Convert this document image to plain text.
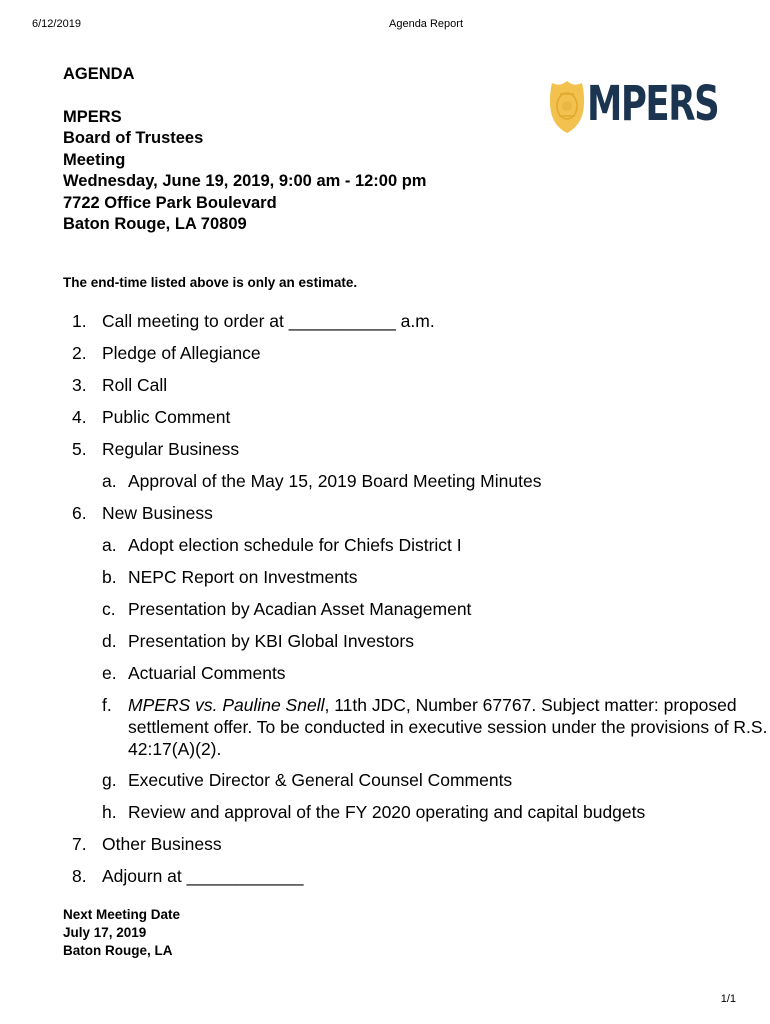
6/12/2019	Agenda Report
AGENDA
MPERS
Board of Trustees
Meeting
Wednesday, June 19, 2019, 9:00 am - 12:00 pm
7722 Office Park Boulevard
Baton Rouge, LA 70809
MPERS
The end-time listed above is only an estimate.
1. Call meeting to order at ___________ a.m.
2. Pledge of Allegiance
3. Roll Call
4. Public Comment
5. Regular Business
a. Approval of the May 15, 2019 Board Meeting Minutes
6. New Business
a. Adopt election schedule for Chiefs District I
b. NEPC Report on Investments
c. Presentation by Acadian Asset Management
d. Presentation by KBI Global Investors
e. Actuarial Comments
f. MPERS vs. Pauline Snell, 11th JDC, Number 67767. Subject matter: proposed settlement offer. To be conducted in executive session under the provisions of R.S. 42:17(A)(2).
g. Executive Director & General Counsel Comments
h. Review and approval of the FY 2020 operating and capital budgets
7. Other Business
8. Adjourn at ____________
Next Meeting Date
July 17, 2019
Baton Rouge, LA
1/1
